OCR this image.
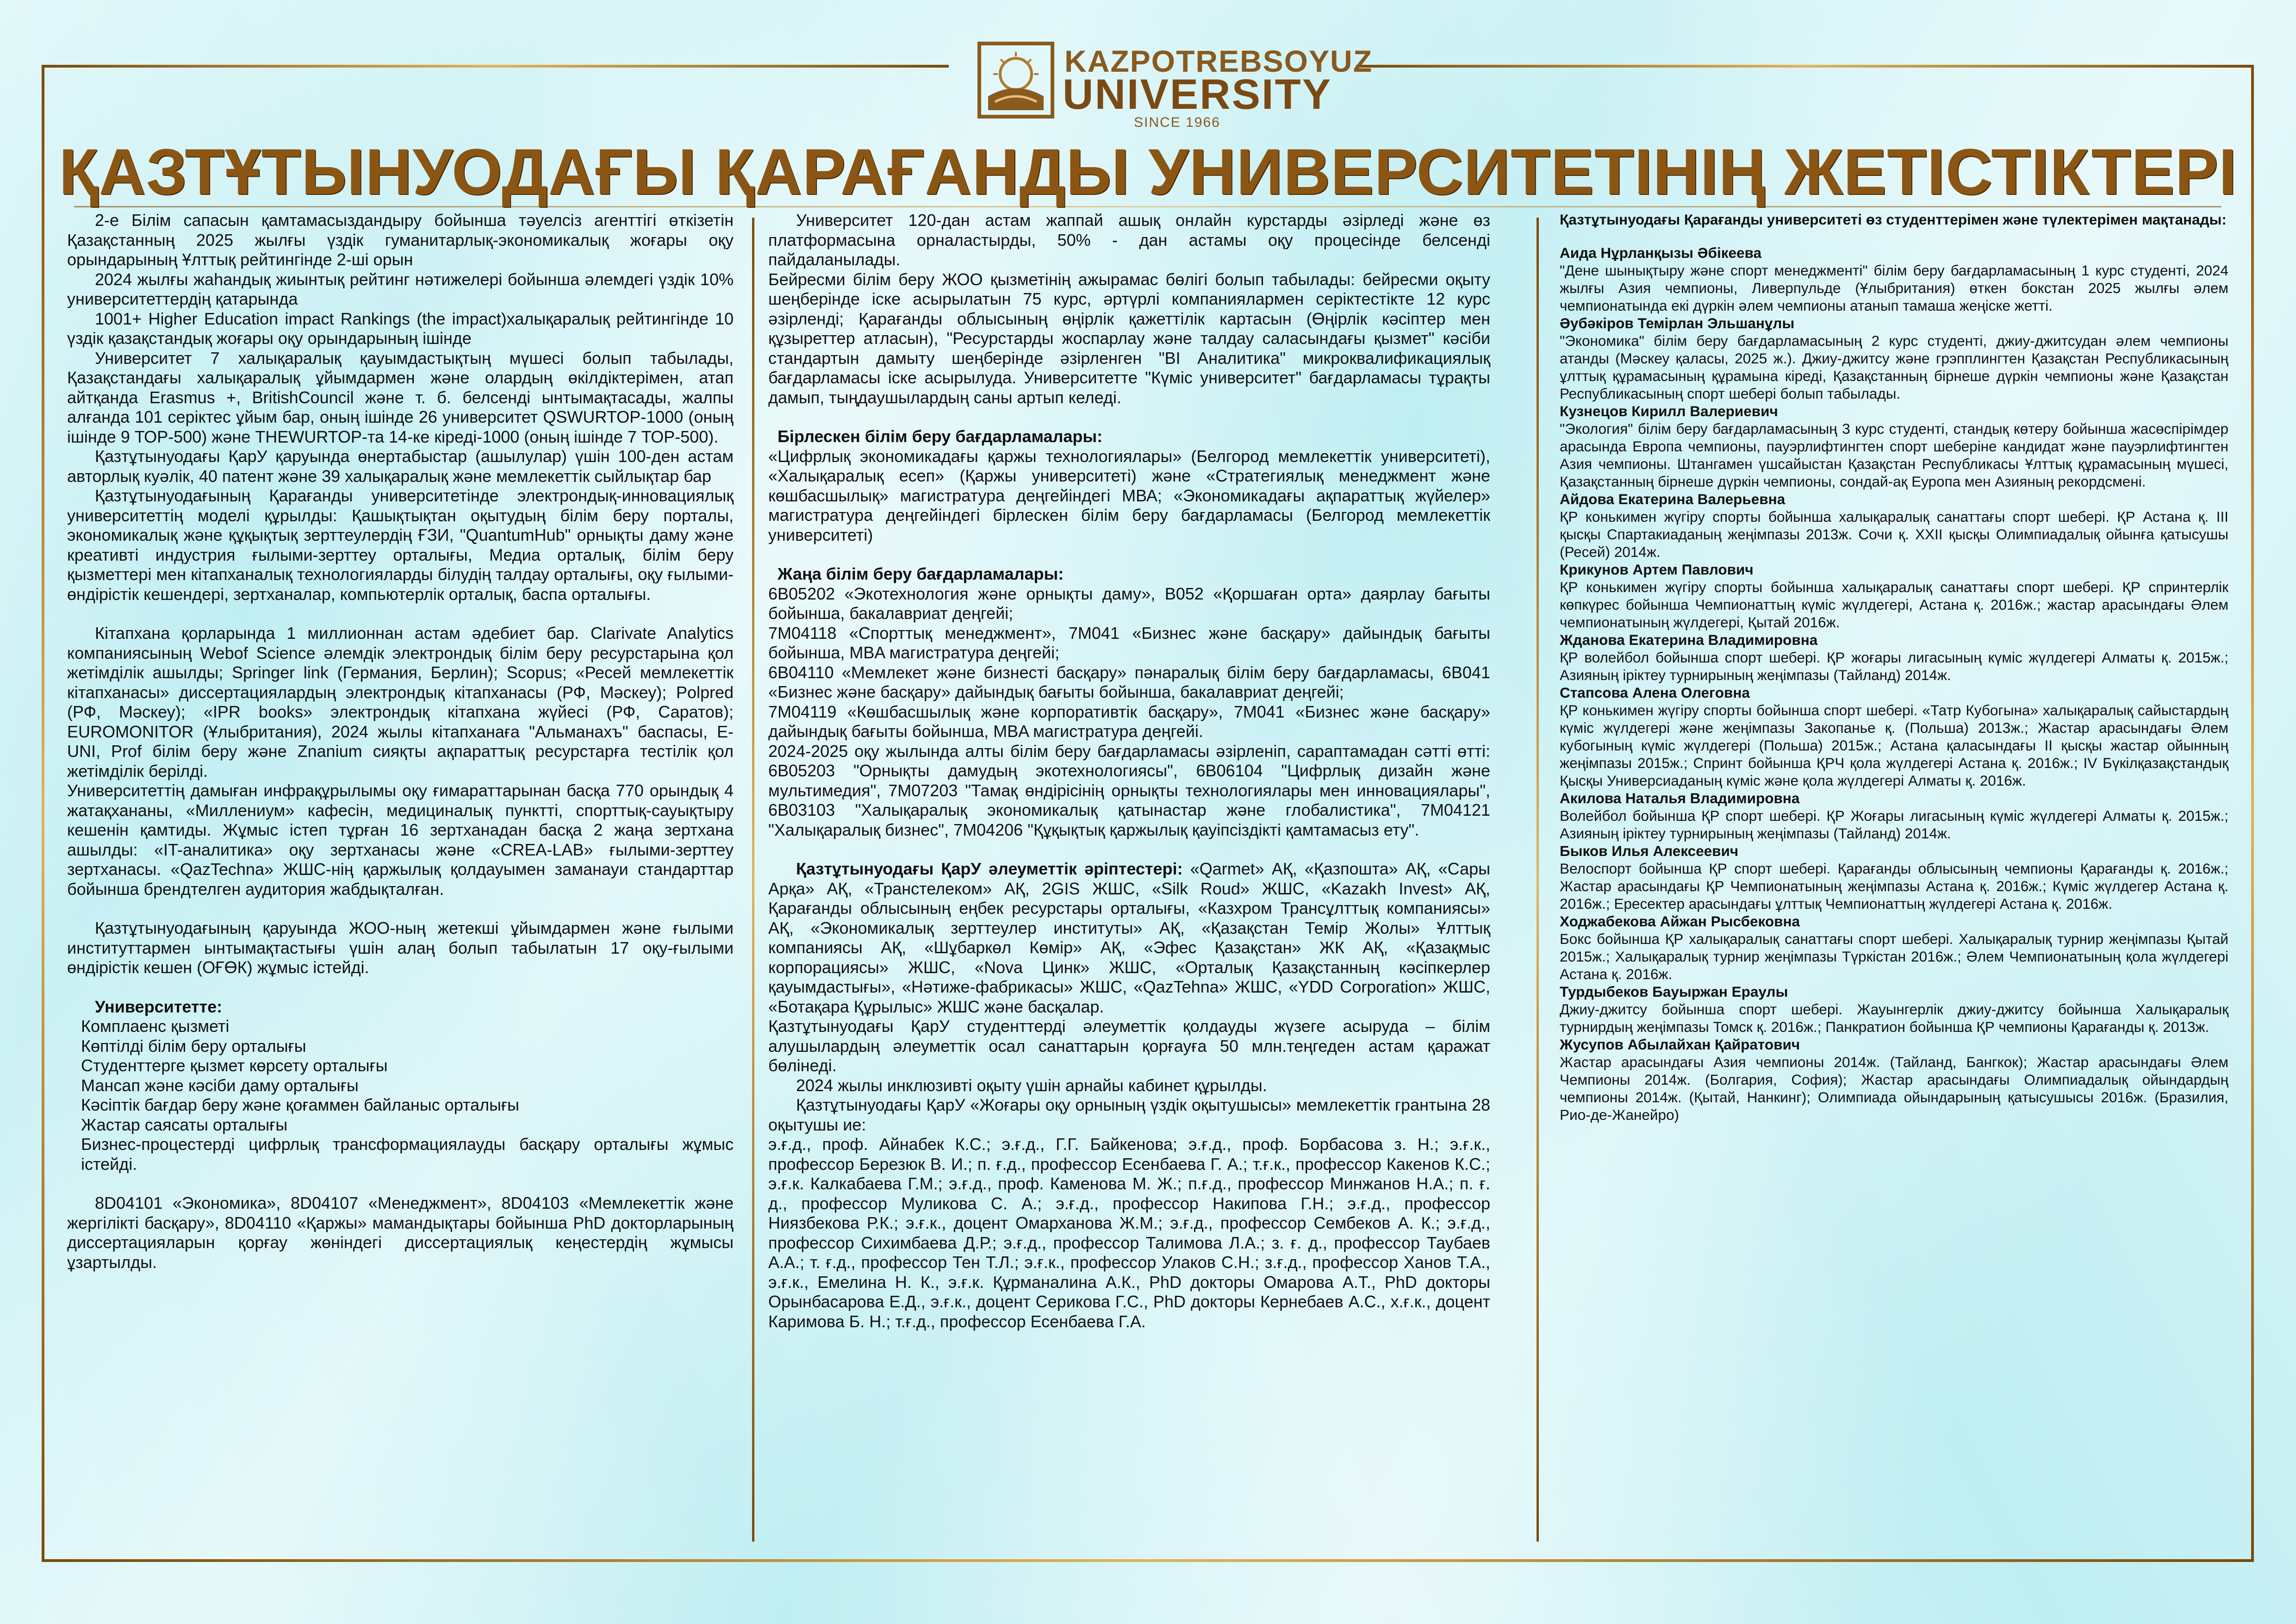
KAZPOTREBSOYUZ
UNIVERSITY
SINCE 1966
ҚАЗТҰТЫНУОДАҒЫ ҚАРАҒАНДЫ УНИВЕРСИТЕТІНІҢ ЖЕТІСТІКТЕРІ

2-е Білім сапасын қамтамасыздандыру бойынша тәуелсіз агенттігі өткізетін Қазақстанның 2025 жылғы үздік гуманитарлық-экономикалық жоғары оқу орындарының Ұлттық рейтингінде 2-ші орын

2024 жылғы жаһандық жиынтық рейтинг нәтижелері бойынша әлемдегі үздік 10% университеттердің қатарында

1001+ Higher Education impact Rankings (the impact)халықаралық рейтингінде 10 үздік қазақстандық жоғары оқу орындарының ішінде

Университет 7 халықаралық қауымдастықтың мүшесі болып табылады, Қазақстандағы халықаралық ұйымдармен және олардың өкілдіктерімен, атап айтқанда Erasmus +, BritishCouncil және т. б. белсенді ынтымақтасады, жалпы алғанда 101 серіктес ұйым бар, оның ішінде 26 университет QSWURTOP-1000 (оның ішінде 9 ТОР-500) және THEWURTOP-та 14-ке кіреді-1000 (оның ішінде 7 ТОР-500).

Қазтұтынуодағы ҚарУ қаруында өнертабыстар (ашылулар) үшін 100-ден астам авторлық куәлік, 40 патент және 39 халықаралық және мемлекеттік сыйлықтар бар

Қазтұтынуодағының Қарағанды университетінде электрондық-инновациялық университеттің моделі құрылды: Қашықтықтан оқытудың білім беру порталы, экономикалық және құқықтық зерттеулердің ҒЗИ, "QuantumHub" орнықты даму және креативті индустрия ғылыми-зерттеу орталығы, Медиа орталық, білім беру қызметтері мен кітапханалық технологияларды білудің талдау орталығы, оқу ғылыми-өндірістік кешендері, зертханалар, компьютерлік орталық, баспа орталығы.

Кітапхана қорларында 1 миллионнан астам әдебиет бар. Clarivate Analytics компаниясының Webof Science әлемдік электрондық білім беру ресурстарына қол жетімділік ашылды; Springer link (Германия, Берлин); Scopus; «Ресей мемлекеттік кітапханасы» диссертациялардың электрондық кітапханасы (РФ, Мәскеу); Polpred (РФ, Мәскеу); «IPR books» электрондық кітапхана жүйесі (РФ, Саратов); EUROMONITOR (Ұлыбритания), 2024 жылы кітапханаға "Альманахъ" баспасы, E-UNI, Prof білім беру және Znanium сияқты ақпараттық ресурстарға тестілік қол жетімділік берілді.

Университеттің дамыған инфрақұрылымы оқу ғимараттарынан басқа 770 орындық 4 жатақхананы, «Миллениум» кафесін, медициналық пунктті, спорттық-сауықтыру кешенін қамтиды. Жұмыс істеп тұрған 16 зертханадан басқа 2 жаңа зертхана ашылды: «IT-аналитика» оқу зертханасы және «CREA-LAB» ғылыми-зерттеу зертханасы. «QazTechna» ЖШС-нің қаржылық қолдауымен заманауи стандарттар бойынша брендтелген аудитория жабдықталған.

Қазтұтынуодағының қаруында ЖОО-ның жетекші ұйымдармен және ғылыми институттармен ынтымақтастығы үшін алаң болып табылатын 17 оқу-ғылыми өндірістік кешен (ОҒӨК) жұмыс істейді.

Университетте:

Комплаенс қызметі

Көптілді білім беру орталығы

Студенттерге қызмет көрсету орталығы

Мансап және кәсіби даму орталығы

Кәсіптік бағдар беру және қоғаммен байланыс орталығы

Жастар саясаты орталығы

Бизнес-процестерді цифрлық трансформациялауды басқару орталығы жұмыс істейді.

8D04101 «Экономика», 8D04107 «Менеджмент», 8D04103 «Мемлекеттік және жергілікті басқару», 8D04110 «Қаржы» мамандықтары бойынша PhD докторларының диссертацияларын қорғау жөніндегі диссертациялық кеңестердің жұмысы ұзартылды.

Университет 120-дан астам жаппай ашық онлайн курстарды әзірледі және өз платформасына орналастырды, 50% - дан астамы оқу процесінде белсенді пайдаланылады.

Бейресми білім беру ЖОО қызметінің ажырамас бөлігі болып табылады: бейресми оқыту шеңберінде іске асырылатын 75 курс, әртүрлі компаниялармен серіктестікте 12 курс әзірленді; Қарағанды облысының өңірлік қажеттілік картасын (Өңірлік кәсіптер мен құзыреттер атласын), "Ресурстарды жоспарлау және талдау саласындағы қызмет" кәсіби стандартын дамыту шеңберінде әзірленген "BI Аналитика" микроквалификациялық бағдарламасы іске асырылуда. Университетте "Күміс университет" бағдарламасы тұрақты дамып, тыңдаушылардың саны артып келеді.

Бірлескен білім беру бағдарламалары:

«Цифрлық экономикадағы қаржы технологиялары» (Белгород мемлекеттік университеті), «Халықаралық есеп» (Қаржы университеті) және «Стратегиялық менеджмент және көшбасшылық» магистратура деңгейіндегі МВА; «Экономикадағы ақпараттық жүйелер» магистратура деңгейіндегі бірлескен білім беру бағдарламасы (Белгород мемлекеттік университеті)

Жаңа білім беру бағдарламалары:

6В05202 «Экотехнология және орнықты даму», В052 «Қоршаған орта» даярлау бағыты бойынша, бакалавриат деңгейі;

7М04118 «Спорттық менеджмент», 7М041 «Бизнес және басқару» дайындық бағыты бойынша, MBA магистратура деңгейі;

6В04110 «Мемлекет және бизнесті басқару» пәнаралық білім беру бағдарламасы, 6В041 «Бизнес және басқару» дайындық бағыты бойынша, бакалавриат деңгейі;

7М04119 «Көшбасшылық және корпоративтік басқару», 7М041 «Бизнес және басқару» дайындық бағыты бойынша, MBA магистратура деңгейі.

2024-2025 оқу жылында алты білім беру бағдарламасы әзірленіп, сараптамадан сәтті өтті: 6В05203 "Орнықты дамудың экотехнологиясы", 6В06104 "Цифрлық дизайн және мультимедия", 7М07203 "Тамақ өндірісінің орнықты технологиялары мен инновациялары", 6В03103 "Халықаралық экономикалық қатынастар және глобалистика", 7М04121 "Халықаралық бизнес", 7М04206 "Құқықтық қаржылық қауіпсіздікті қамтамасыз ету".

Қазтұтынуодағы ҚарУ әлеуметтік әріптестері: «Qarmet» АҚ, «Қазпошта» АҚ, «Сары Арқа» АҚ, «Транстелеком» АҚ, 2GIS ЖШС, «Silk Roud» ЖШС, «Kazakh Invest» АҚ, Қарағанды облысының еңбек ресурстары орталығы, «Казхром Трансұлттық компаниясы» АҚ, «Экономикалық зерттеулер институты» АҚ, «Қазақстан Темір Жолы» Ұлттық компаниясы АҚ, «Шұбаркөл Көмір» АҚ, «Эфес Қазақстан» ЖК АҚ, «Қазақмыс корпорациясы» ЖШС, «Nova Цинк» ЖШС, «Орталық Қазақстанның кәсіпкерлер қауымдастығы», «Нәтиже-фабрикасы» ЖШС, «QazTehna» ЖШС, «YDD Corporation» ЖШС, «Ботақара Құрылыс» ЖШС және басқалар.

Қазтұтынуодағы ҚарУ студенттерді әлеуметтік қолдауды жүзеге асыруда – білім алушылардың әлеуметтік осал санаттарын қорғауға 50 млн.теңгеден астам қаражат бөлінеді.

2024 жылы инклюзивті оқыту үшін арнайы кабинет құрылды.

Қазтұтынуодағы ҚарУ «Жоғары оқу орнының үздік оқытушысы» мемлекеттік грантына 28 оқытушы ие:

э.ғ.д., проф. Айнабек К.С.; э.ғ.д., Г.Г. Байкенова; э.ғ.д., проф. Борбасова з. Н.; э.ғ.к., профессор Березюк В. И.; п. ғ.д., профессор Есенбаева Г. А.; т.ғ.к., профессор Какенов К.С.; э.ғ.к. Калкабаева Г.М.; э.ғ.д., проф. Каменова М. Ж.; п.ғ.д., профессор Минжанов Н.А.; п. ғ. д., профессор Муликова С. А.; э.ғ.д., профессор Накипова Г.Н.; э.ғ.д., профессор Ниязбекова Р.К.; э.ғ.к., доцент Омарханова Ж.М.; э.ғ.д., профессор Сембеков А. К.; э.ғ.д., профессор Сихимбаева Д.Р.; э.ғ.д., профессор Талимова Л.А.; з. ғ. д., профессор Таубаев А.А.; т. ғ.д., профессор Тен Т.Л.; э.ғ.к., профессор Улаков С.Н.; з.ғ.д., профессор Ханов Т.А., э.ғ.к., Емелина Н. К., э.ғ.к. Құрманалина А.К., PhD докторы Омарова А.Т., PhD докторы Орынбасарова Е.Д., э.ғ.к., доцент Серикова Г.С., PhD докторы Кернебаев А.С., х.ғ.к., доцент Каримова Б. Н.; т.ғ.д., профессор Есенбаева Г.А.

Қазтұтынуодағы Қарағанды университеті өз студенттерімен және түлектерімен мақтанады:

Аида Нұрланқызы Әбікеева

"Дене шынықтыру және спорт менеджменті" білім беру бағдарламасының 1 курс студенті, 2024 жылғы Азия чемпионы, Ливерпульде (Ұлыбритания) өткен бокстан 2025 жылғы әлем чемпионатында екі дүркін әлем чемпионы атанып тамаша жеңіске жетті.

Әубәкіров Темірлан Эльшанұлы

"Экономика" білім беру бағдарламасының 2 курс студенті, джиу-джитсудан әлем чемпионы атанды (Мәскеу қаласы, 2025 ж.). Джиу-джитсу және грэпплингтен Қазақстан Республикасының ұлттық құрамасының құрамына кіреді, Қазақстанның бірнеше дүркін чемпионы және Қазақстан Республикасының спорт шебері болып табылады.

Кузнецов Кирилл Валериевич

"Экология" білім беру бағдарламасының 3 курс студенті, стандық көтеру бойынша жасөспірімдер арасында Европа чемпионы, пауэрлифтингтен спорт шеберіне кандидат және пауэрлифтингтен Азия чемпионы. Штангамен үшсайыстан Қазақстан Республикасы Ұлттық құрамасының мүшесі, Қазақстанның бірнеше дүркін чемпионы, сондай-ақ Еуропа мен Азияның рекордсмені.

Айдова Екатерина Валерьевна

ҚР конькимен жүгіру спорты бойынша халықаралық санаттағы спорт шебері. ҚР Астана қ. ІІІ қысқы Спартакиаданың жеңімпазы 2013ж. Сочи қ. XXII қысқы Олимпиадалық ойынға қатысушы (Ресей) 2014ж.

Крикунов Артем Павлович

ҚР конькимен жүгіру спорты бойынша халықаралық санаттағы спорт шебері. ҚР спринтерлік көпкүрес бойынша Чемпионаттың күміс жүлдегері, Астана қ. 2016ж.; жастар арасындағы Әлем чемпионатының жүлдегері, Қытай 2016ж.

Жданова Екатерина Владимировна

ҚР волейбол бойынша спорт шебері. ҚР жоғары лигасының күміс жүлдегері Алматы қ. 2015ж.; Азияның іріктеу турнирының жеңімпазы (Тайланд) 2014ж.

Стапсова Алена Олеговна

ҚР конькимен жүгіру спорты бойынша спорт шебері. «Татр Кубогына» халықаралық сайыстардың күміс жүлдегері және жеңімпазы Закопанье қ. (Польша) 2013ж.; Жастар арасындағы Әлем кубогының күміс жүлдегері (Польша) 2015ж.; Астана қаласындағы ІІ қысқы жастар ойынның жеңімпазы 2015ж.; Спринт бойынша ҚРЧ қола жүлдегері Астана қ. 2016ж.; IV Бүкілқазақстандық Қысқы Универсиаданың күміс және қола жүлдегері Алматы қ. 2016ж.

Акилова Наталья Владимировна

Волейбол бойынша ҚР спорт шебері. ҚР Жоғары лигасының күміс жүлдегері Алматы қ. 2015ж.; Азияның іріктеу турнирының жеңімпазы (Тайланд) 2014ж.

Быков Илья Алексеевич

Велоспорт бойынша ҚР спорт шебері. Қарағанды облысының чемпионы Қарағанды қ. 2016ж.; Жастар арасындағы ҚР Чемпионатының жеңімпазы Астана қ. 2016ж.; Күміс жүлдегер Астана қ. 2016ж.; Ересектер арасындағы ұлттық Чемпионаттың жүлдегері Астана қ. 2016ж.

Ходжабекова Айжан Рысбековна

Бокс бойынша ҚР халықаралық санаттағы спорт шебері. Халықаралық турнир жеңімпазы Қытай 2015ж.; Халықаралық турнир жеңімпазы Түркістан 2016ж.; Әлем Чемпионатының қола жүлдегері Астана қ. 2016ж.

Турдыбеков Бауыржан Ераулы

Джиу-джитсу бойынша спорт шебері. Жауынгерлік джиу-джитсу бойынша Халықаралық турнирдың жеңімпазы Томск қ. 2016ж.; Панкратион бойынша ҚР чемпионы Қарағанды қ. 2013ж.

Жусупов Абылайхан Қайратович

Жастар арасындағы Азия чемпионы 2014ж. (Тайланд, Бангкок); Жастар арасындағы Әлем Чемпионы 2014ж. (Болгария, София); Жастар арасындағы Олимпиадалық ойындардың чемпионы 2014ж. (Қытай, Нанкинг); Олимпиада ойындарының қатысушысы 2016ж. (Бразилия, Рио-де-Жанейро)
